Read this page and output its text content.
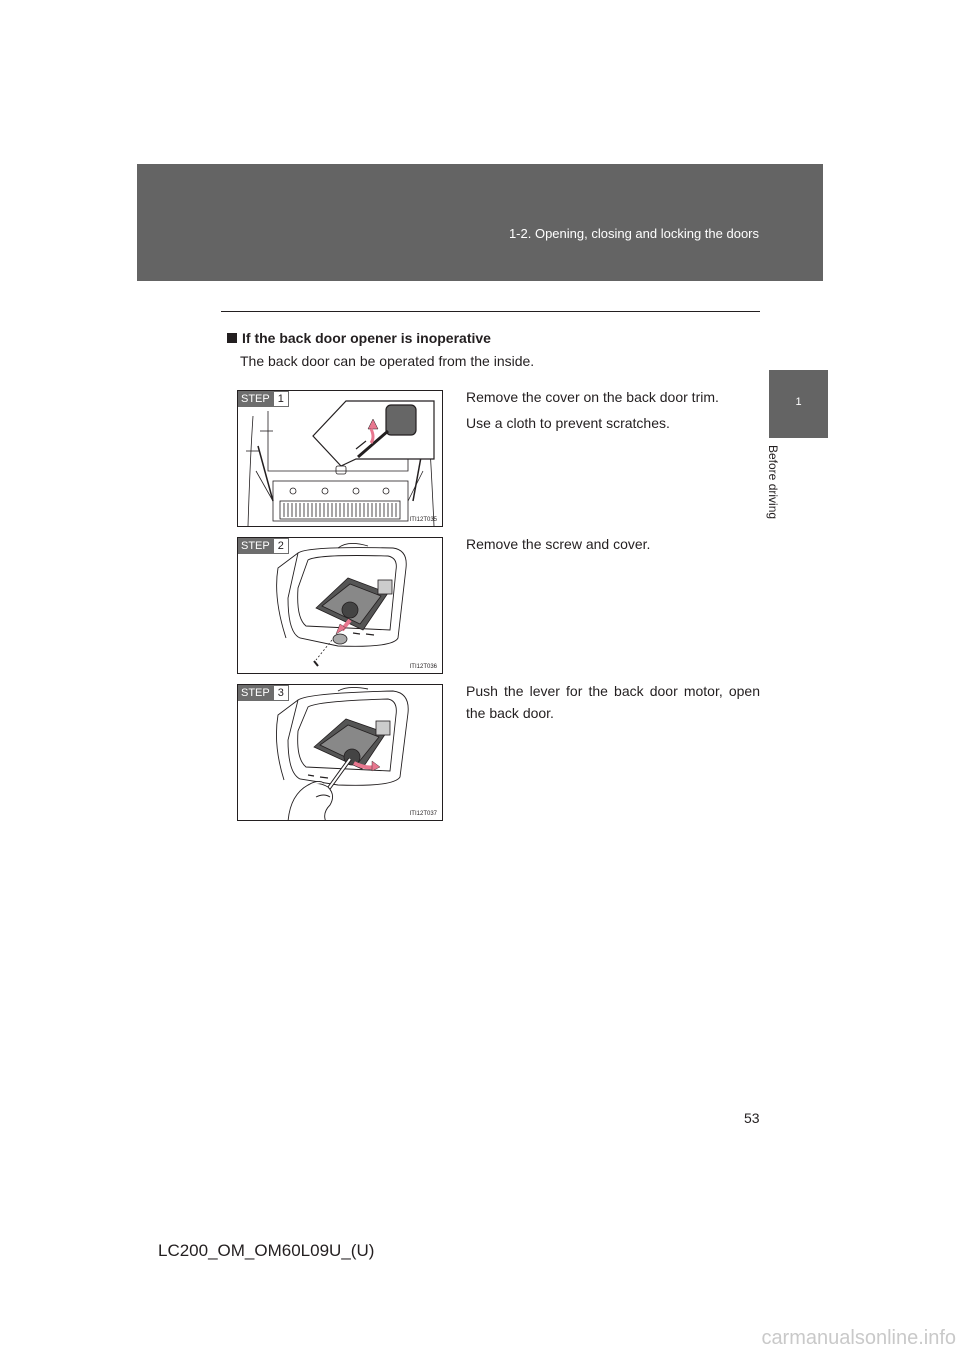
1-2. Opening, closing and locking the doors
1
Before driving
If the back door opener is inoperative
The back door can be operated from the inside.
STEP 1
ITI12T035

Remove the cover on the back door trim.

Use a cloth to prevent scratches.

STEP 2
ITI12T036

Remove the screw and cover.

STEP 3
ITI12T037

Push the lever for the back door motor, open the back door.

53
LC200_OM_OM60L09U_(U)
carmanualsonline.info
